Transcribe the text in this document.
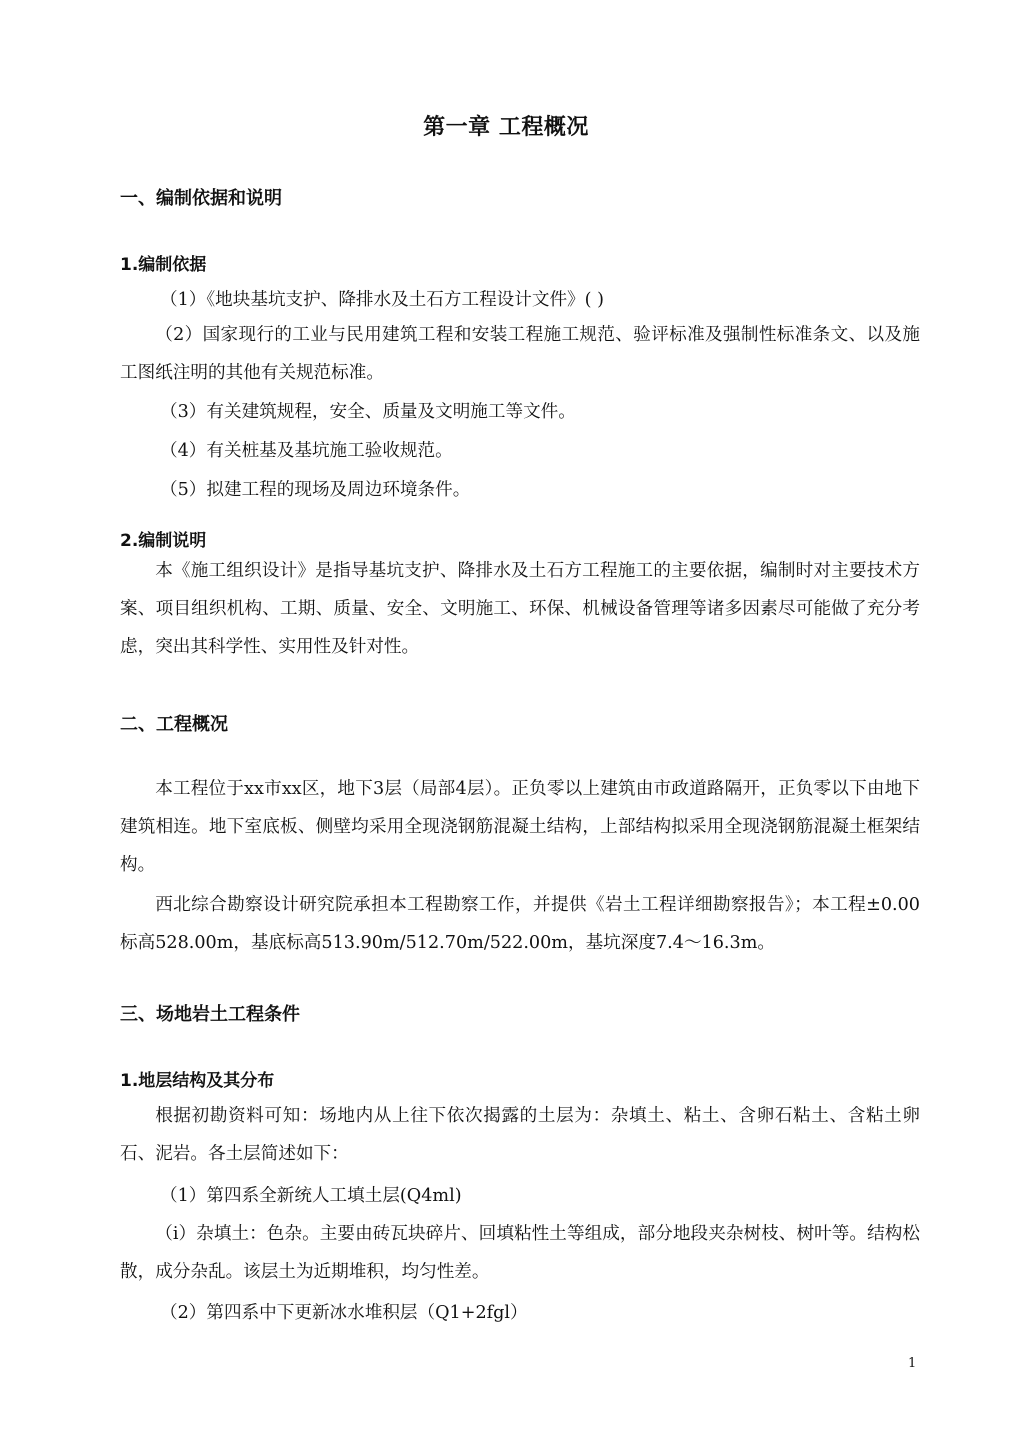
第一章 工程概况
一、编制依据和说明
1.编制依据
（1）《地块基坑支护、降排水及土石方工程设计文件》( )
（2）国家现行的工业与民用建筑工程和安装工程施工规范、验评标准及强制性标准条文、以及施工图纸注明的其他有关规范标准。
（3）有关建筑规程，安全、质量及文明施工等文件。
（4）有关桩基及基坑施工验收规范。
（5）拟建工程的现场及周边环境条件。
2.编制说明
本《施工组织设计》是指导基坑支护、降排水及土石方工程施工的主要依据，编制时对主要技术方案、项目组织机构、工期、质量、安全、文明施工、环保、机械设备管理等诸多因素尽可能做了充分考虑，突出其科学性、实用性及针对性。
二、工程概况
本工程位于xx市xx区，地下3层（局部4层）。正负零以上建筑由市政道路隔开，正负零以下由地下建筑相连。地下室底板、侧壁均采用全现浇钢筋混凝土结构，上部结构拟采用全现浇钢筋混凝土框架结构。
西北综合勘察设计研究院承担本工程勘察工作，并提供《岩土工程详细勘察报告》；本工程±0.00标高528.00m，基底标高513.90m/512.70m/522.00m，基坑深度7.4～16.3m。
三、场地岩土工程条件
1.地层结构及其分布
根据初勘资料可知：场地内从上往下依次揭露的土层为：杂填土、粘土、含卵石粘土、含粘土卵石、泥岩。各土层简述如下：
（1）第四系全新统人工填土层(Q4ml)
（i）杂填土：色杂。主要由砖瓦块碎片、回填粘性土等组成，部分地段夹杂树枝、树叶等。结构松散，成分杂乱。该层土为近期堆积，均匀性差。
（2）第四系中下更新冰水堆积层（Q1+2fgl）
1
